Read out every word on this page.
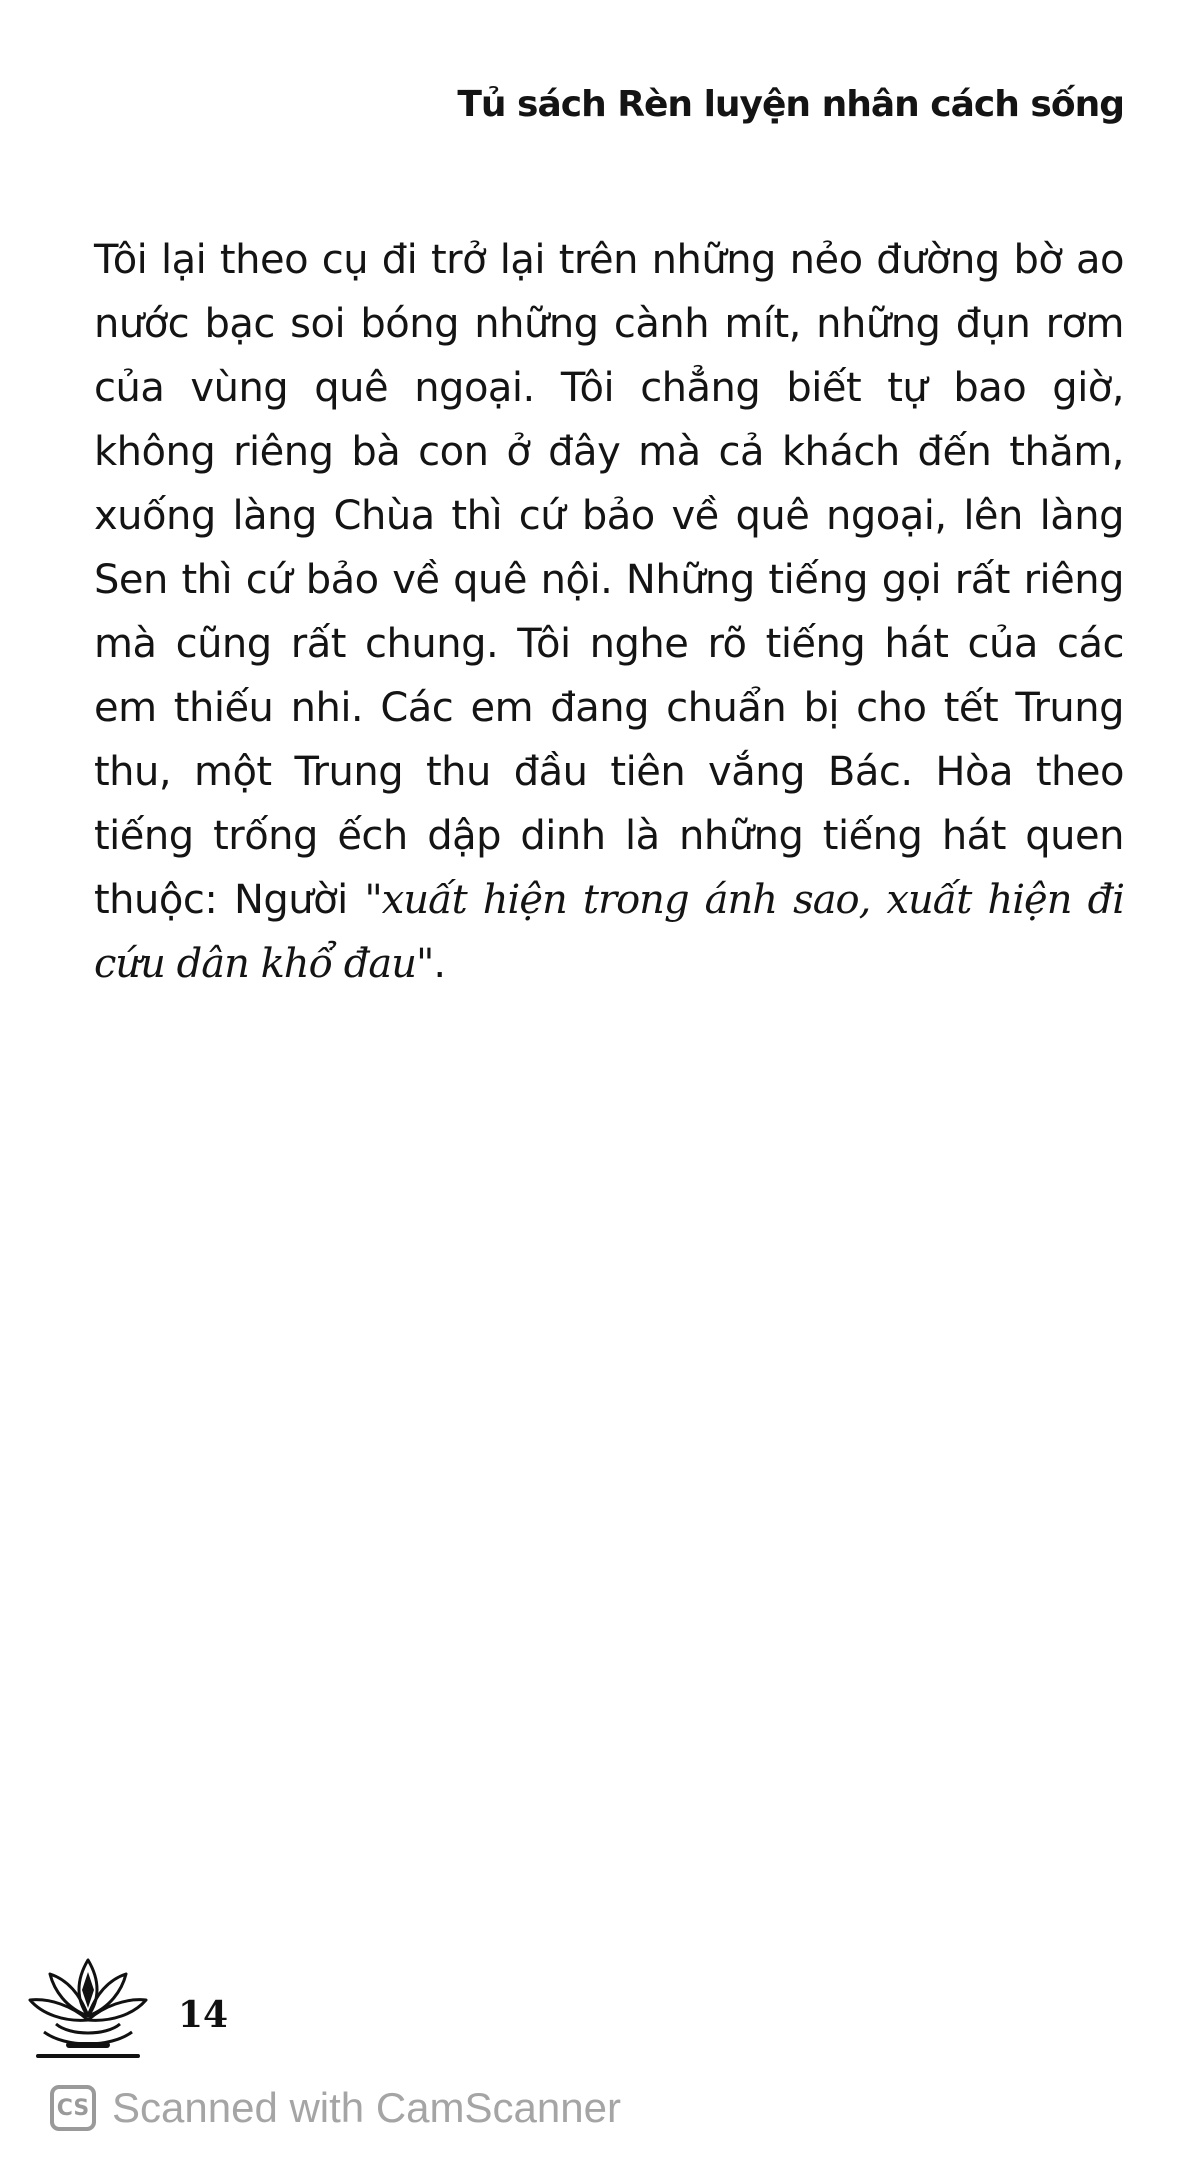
Tủ sách Rèn luyện nhân cách sống

Tôi lại theo cụ đi trở lại trên những nẻo đường bờ ao nước bạc soi bóng những cành mít, những đụn rơm của vùng quê ngoại. Tôi chẳng biết tự bao giờ, không riêng bà con ở đây mà cả khách đến thăm, xuống làng Chùa thì cứ bảo về quê ngoại, lên làng Sen thì cứ bảo về quê nội. Những tiếng gọi rất riêng mà cũng rất chung. Tôi nghe rõ tiếng hát của các em thiếu nhi. Các em đang chuẩn bị cho tết Trung thu, một Trung thu đầu tiên vắng Bác. Hòa theo tiếng trống ếch dập dinh là những tiếng hát quen thuộc: Người "xuất hiện trong ánh sao, xuất hiện đi cứu dân khổ đau".

14
CS Scanned with CamScanner
